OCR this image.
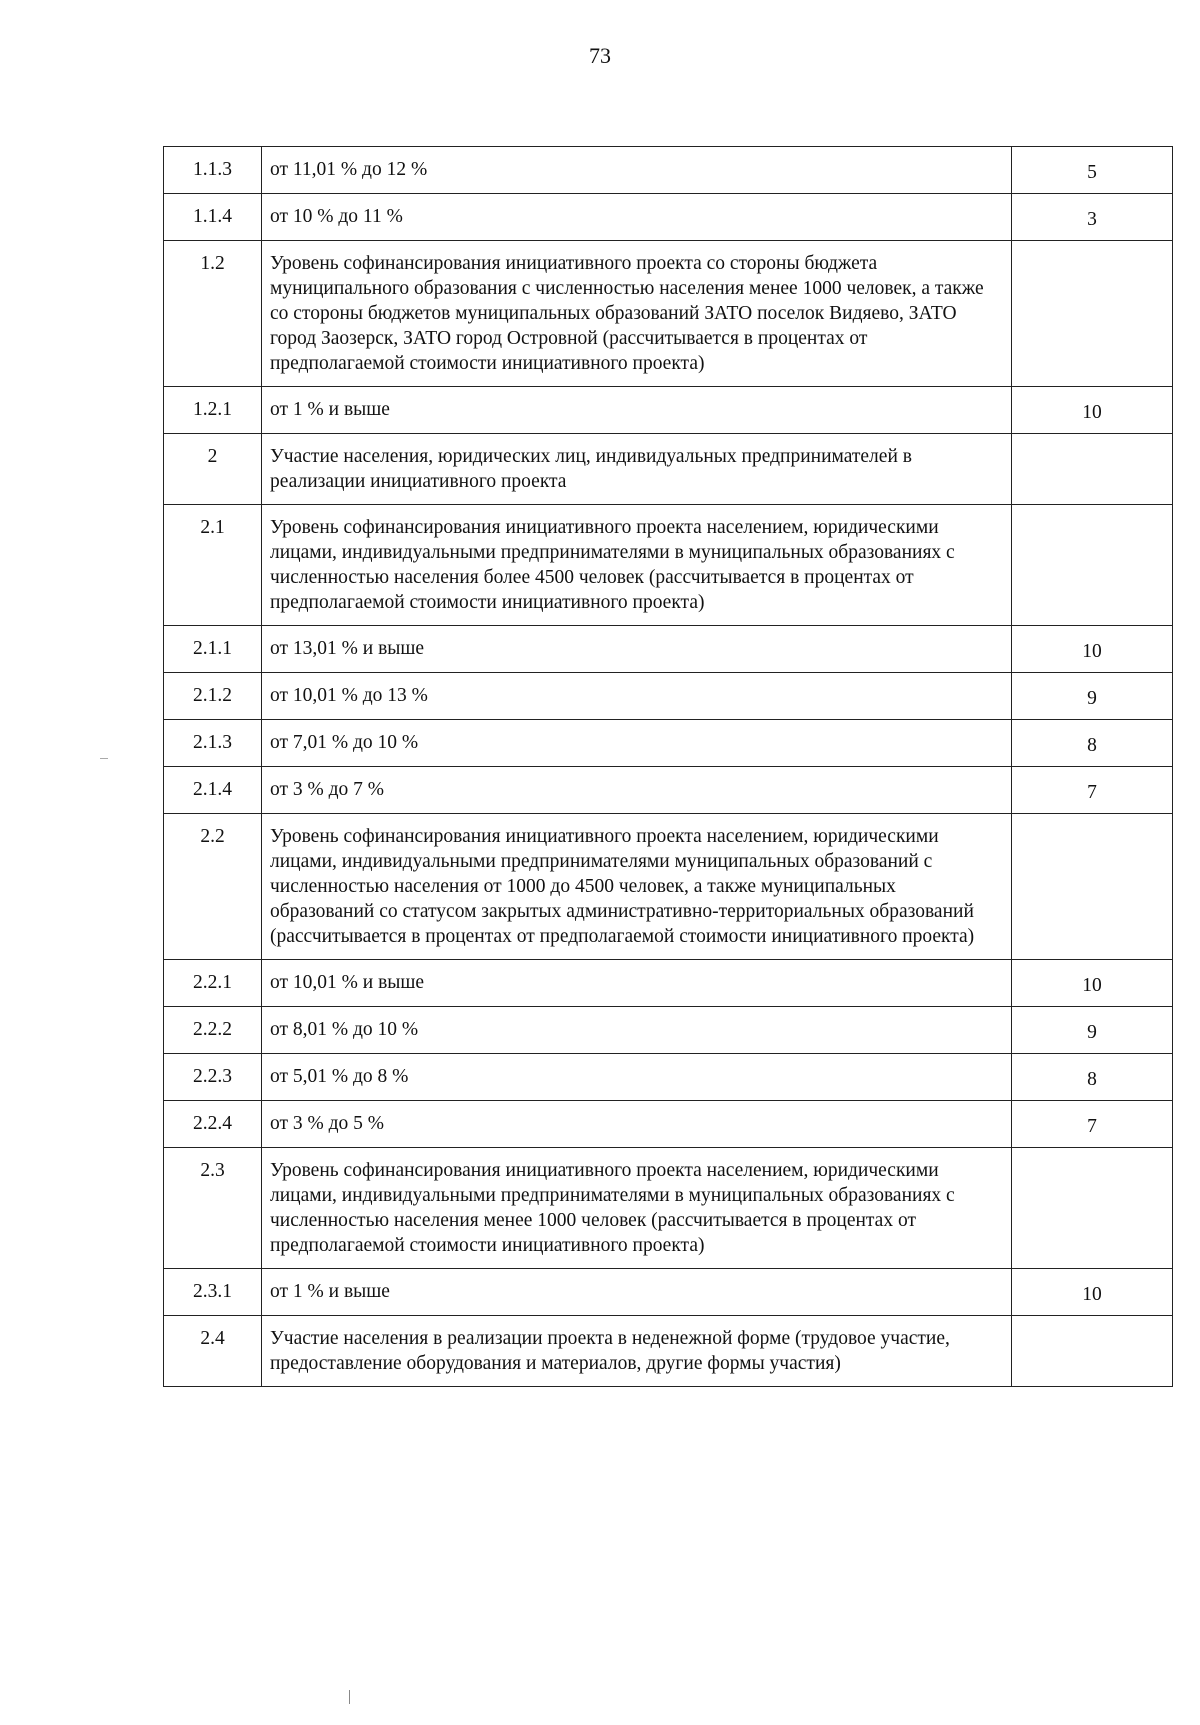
73
1.1.3	от 11,01 % до 12 %	5
1.1.4	от 10 % до 11 %	3
1.2	Уровень софинансирования инициативного проекта со стороны бюджета муниципального образования с численностью населения менее 1000 человек, а также со стороны бюджетов муниципальных образований ЗАТО поселок Видяево, ЗАТО город Заозерск, ЗАТО город Островной (рассчитывается в процентах от предполагаемой стоимости инициативного проекта)	
1.2.1	от 1 % и выше	10
2	Участие населения, юридических лиц, индивидуальных предпринимателей в реализации инициативного проекта	
2.1	Уровень софинансирования инициативного проекта населением, юридическими лицами, индивидуальными предпринимателями в муниципальных образованиях с численностью населения более 4500 человек (рассчитывается в процентах от предполагаемой стоимости инициативного проекта)	
2.1.1	от 13,01 % и выше	10
2.1.2	от 10,01 % до 13 %	9
2.1.3	от 7,01 % до 10 %	8
2.1.4	от 3 % до 7 %	7
2.2	Уровень софинансирования инициативного проекта населением, юридическими лицами, индивидуальными предпринимателями муниципальных образований с численностью населения от 1000 до 4500 человек, а также муниципальных образований со статусом закрытых административно-территориальных образований (рассчитывается в процентах от предполагаемой стоимости инициативного проекта)	
2.2.1	от 10,01 % и выше	10
2.2.2	от 8,01 % до 10 %	9
2.2.3	от 5,01 % до 8 %	8
2.2.4	от 3 % до 5 %	7
2.3	Уровень софинансирования инициативного проекта населением, юридическими лицами, индивидуальными предпринимателями в муниципальных образованиях с численностью населения менее 1000 человек (рассчитывается в процентах от предполагаемой стоимости инициативного проекта)	
2.3.1	от 1 % и выше	10
2.4	Участие населения в реализации проекта в неденежной форме (трудовое участие, предоставление оборудования и материалов, другие формы участия)	
